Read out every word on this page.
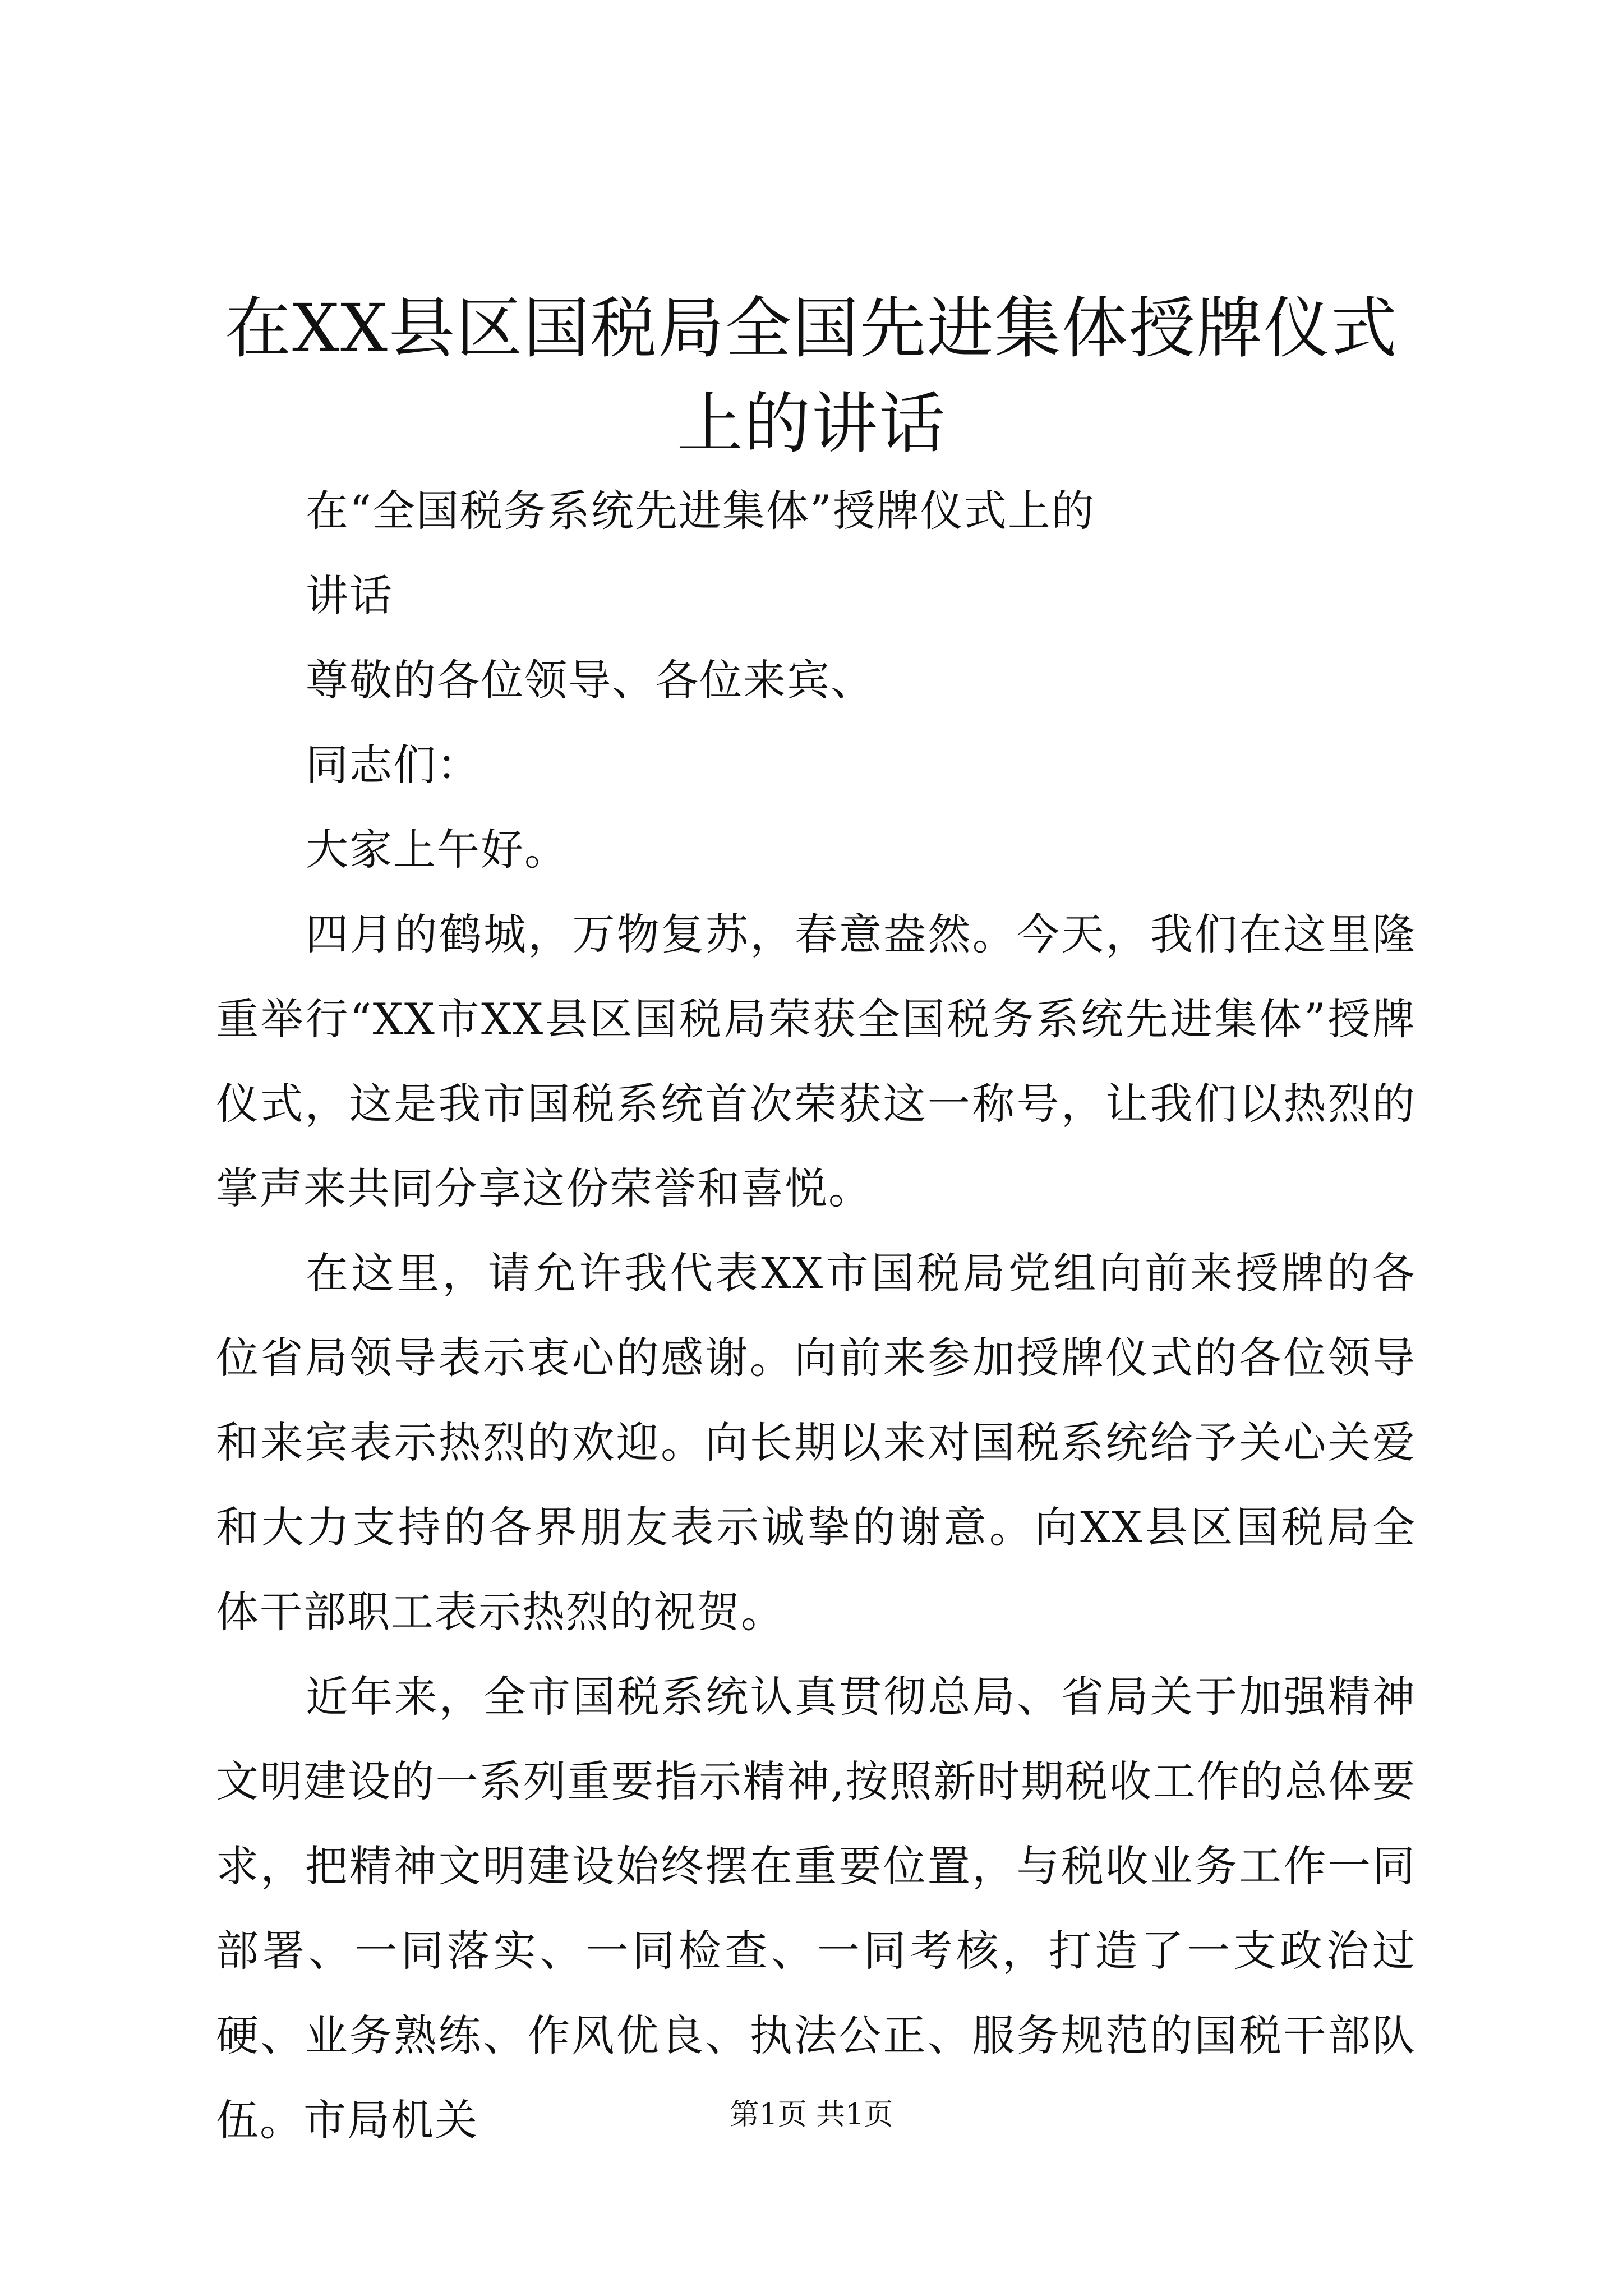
在XX县区国税局全国先进集体授牌仪式上的讲话

在“全国税务系统先进集体”授牌仪式上的

讲话

尊敬的各位领导、各位来宾、

同志们：

大家上午好。

四月的鹤城，万物复苏，春意盎然。今天，我们在这里隆重举行“XX市XX县区国税局荣获全国税务系统先进集体”授牌仪式，这是我市国税系统首次荣获这一称号，让我们以热烈的掌声来共同分享这份荣誉和喜悦。

在这里，请允许我代表XX市国税局党组向前来授牌的各位省局领导表示衷心的感谢。向前来参加授牌仪式的各位领导和来宾表示热烈的欢迎。向长期以来对国税系统给予关心关爱和大力支持的各界朋友表示诚挚的谢意。向XX县区国税局全体干部职工表示热烈的祝贺。

近年来，全市国税系统认真贯彻总局、省局关于加强精神文明建设的一系列重要指示精神,按照新时期税收工作的总体要求，把精神文明建设始终摆在重要位置，与税收业务工作一同部署、一同落实、一同检查、一同考核，打造了一支政治过硬、业务熟练、作风优良、执法公正、服务规范的国税干部队伍。市局机关	第1页 共1页
